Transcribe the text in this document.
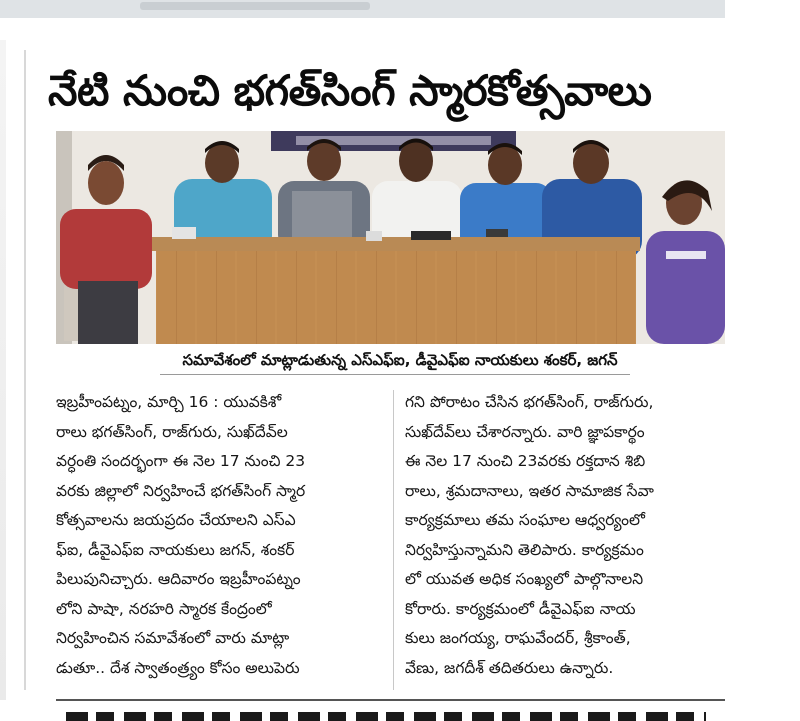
నేటి నుంచి భగత్‌సింగ్ స్మారకోత్సవాలు
సమావేశంలో మాట్లాడుతున్న ఎస్ఎఫ్ఐ, డీవైఎఫ్ఐ నాయకులు శంకర్, జగన్

ఇబ్రహీంపట్నం, మార్చి 16 : యువకిశో

రాలు భగత్‌సింగ్, రాజ్‌గురు, సుఖ్‌దేవ్‌ల

వర్ధంతి సందర్భంగా ఈ నెల 17 నుంచి 23

వరకు జిల్లాలో నిర్వహించే భగత్‌సింగ్ స్మార

కోత్సవాలను జయప్రదం చేయాలని ఎస్ఎ

ఫ్ఐ, డీవైఎఫ్ఐ నాయకులు జగన్, శంకర్

పిలుపునిచ్చారు. ఆదివారం ఇబ్రహీంపట్నం

లోని పాషా, నరహరి స్మారక కేంద్రంలో

నిర్వహించిన సమావేశంలో వారు మాట్లా

డుతూ.. దేశ స్వాతంత్ర్యం కోసం అలుపెరు

గని పోరాటం చేసిన భగత్‌సింగ్, రాజ్‌గురు,

సుఖ్‌దేవ్‌లు చేశారన్నారు. వారి జ్ఞాపకార్థం

ఈ నెల 17 నుంచి 23వరకు రక్తదాన శిబి

రాలు, శ్రమదానాలు, ఇతర సామాజిక సేవా

కార్యక్రమాలు తమ సంఘాల ఆధ్వర్యంలో

నిర్వహిస్తున్నామని తెలిపారు. కార్యక్రమం

లో యువత అధిక సంఖ్యలో పాల్గొనాలని

కోరారు. కార్యక్రమంలో డీవైఎఫ్ఐ నాయ

కులు జంగయ్య, రాఘవేందర్, శ్రీకాంత్,

వేణు, జగదీశ్ తదితరులు ఉన్నారు.
